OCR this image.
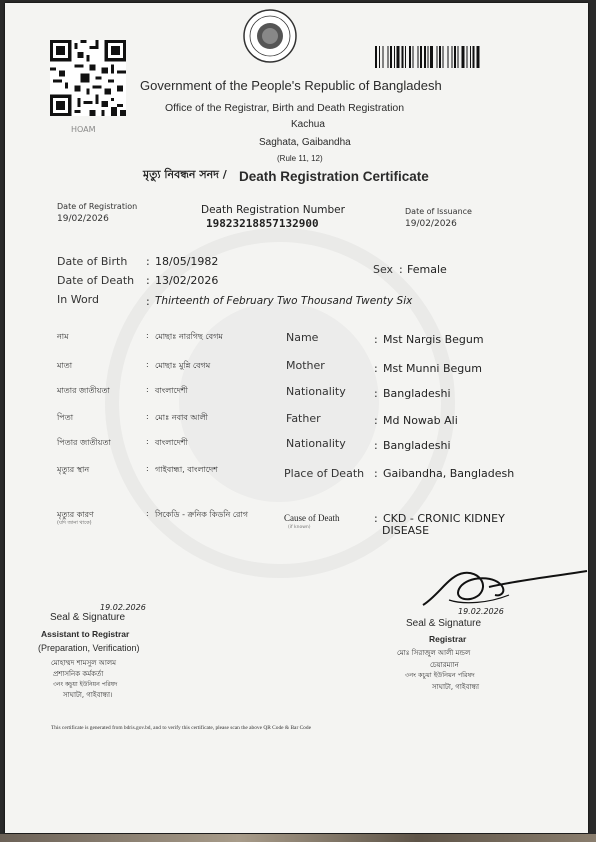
HOAM
Government of the People's Republic of Bangladesh
Office of the Registrar, Birth and Death Registration
Kachua
Saghata, Gaibandha
(Rule 11, 12)
মৃত্যু নিবন্ধন সনদ / Death Registration Certificate
Date of Registration
19/02/2026
Death Registration Number
19823218857132900
Date of Issuance
19/02/2026
Date of Birth : 18/05/1982
Date of Death : 13/02/2026
In Word	: Thirteenth of February Two Thousand Twenty Six
Sex : Female
নাম	: মোছাঃ নারগিছ বেগম	Name	: Mst Nargis Begum
মাতা	: মোছাঃ মুন্নি বেগম	Mother	: Mst Munni Begum
মাতার জাতীয়তা	: বাংলাদেশী	Nationality	: Bangladeshi
পিতা	: মোঃ নবাব আলী	Father	: Md Nowab Ali
পিতার জাতীয়তা	: বাংলাদেশী	Nationality	: Bangladeshi
মৃত্যুর স্থান	: গাইবান্ধা, বাংলাদেশ	Place of Death : Gaibandha, Bangladesh
মৃত্যুর কারণ
(যদি জানা থাকে)
: সিকেডি - ক্রনিক কিডনি রোগ	Cause of Death
(if known)
: CKD - CRONIC KIDNEY
DISEASE
19.02.2026
Seal & Signature
Assistant to Registrar
(Preparation, Verification)
মোহাম্মদ শামসুল আলম
প্রশাসনিক কর্মকর্তা
৩নং কচুয়া ইউনিয়ন পরিষদ
সাঘাটা, গাইবান্ধা।
19.02.2026
Seal & Signature
Registrar
মোঃ সিরাজুল আলী মন্ডল
চেয়ারম্যান
৩নং কচুয়া ইউনিয়ন পরিষদ
সাঘাটা, গাইবান্ধা
This certificate is generated from bdris.gov.bd, and to verify this certificate, please scan the above QR Code & Bar Code
